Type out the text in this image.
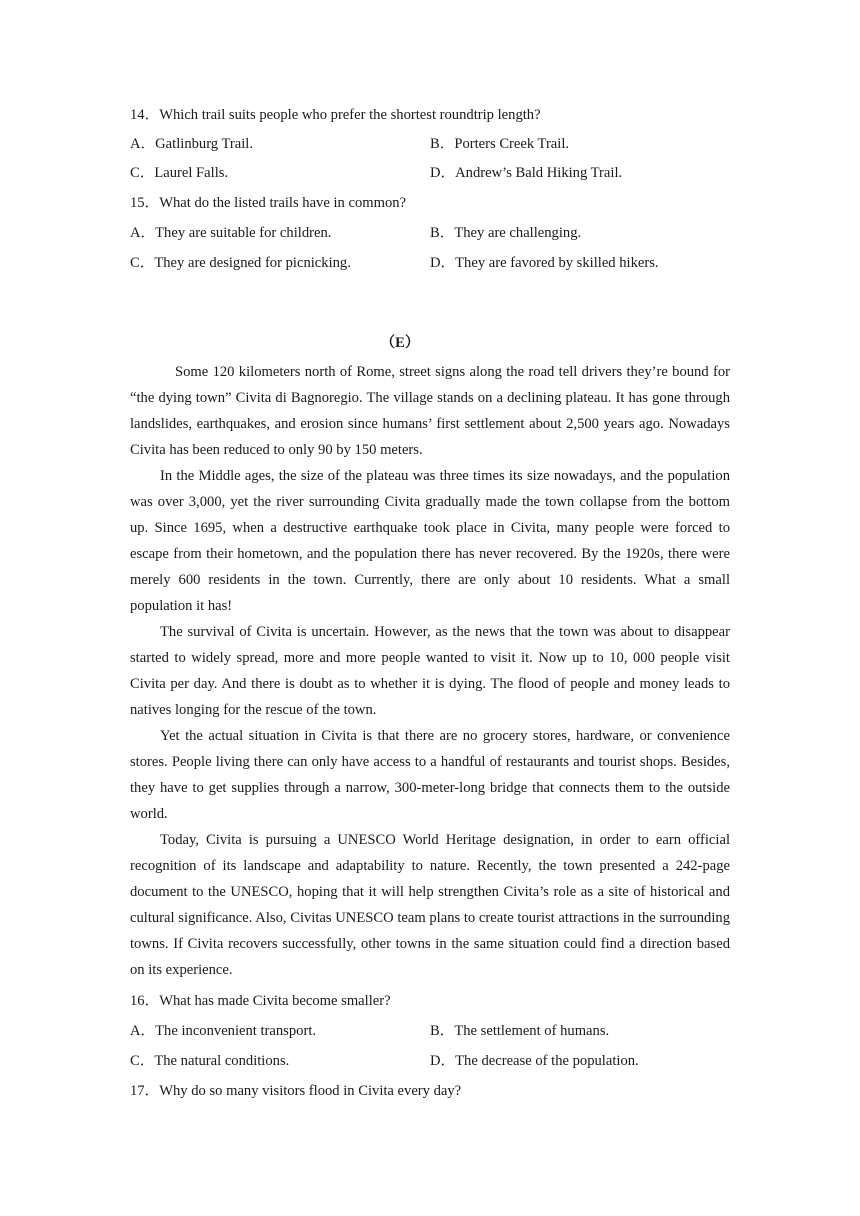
14．Which trail suits people who prefer the shortest roundtrip length?
A．Gatlinburg Trail.	B．Porters Creek Trail.
C．Laurel Falls.	D．Andrew’s Bald Hiking Trail.
15．What do the listed trails have in common?
A．They are suitable for children.	B．They are challenging.
C．They are designed for picnicking.	D．They are favored by skilled hikers.
（E）

Some 120 kilometers north of Rome, street signs along the road tell drivers they’re bound for “the dying town” Civita di Bagnoregio. The village stands on a declining plateau. It has gone through landslides, earthquakes, and erosion since humans’ first settlement about 2,500 years ago. Nowadays Civita has been reduced to only 90 by 150 meters.

In the Middle ages, the size of the plateau was three times its size nowadays, and the population was over 3,000, yet the river surrounding Civita gradually made the town collapse from the bottom up. Since 1695, when a destructive earthquake took place in Civita, many people were forced to escape from their hometown, and the population there has never recovered. By the 1920s, there were merely 600 residents in the town. Currently, there are only about 10 residents. What a small population it has!

The survival of Civita is uncertain. However, as the news that the town was about to disappear started to widely spread, more and more people wanted to visit it. Now up to 10, 000 people visit Civita per day. And there is doubt as to whether it is dying. The flood of people and money leads to natives longing for the rescue of the town.

Yet the actual situation in Civita is that there are no grocery stores, hardware, or convenience stores. People living there can only have access to a handful of restaurants and tourist shops. Besides, they have to get supplies through a narrow, 300-meter-long bridge that connects them to the outside world.

Today, Civita is pursuing a UNESCO World Heritage designation, in order to earn official recognition of its landscape and adaptability to nature. Recently, the town presented a 242-page document to the UNESCO, hoping that it will help strengthen Civita’s role as a site of historical and cultural significance. Also, Civitas UNESCO team plans to create tourist attractions in the surrounding towns. If Civita recovers successfully, other towns in the same situation could find a direction based on its experience.

16．What has made Civita become smaller?
A．The inconvenient transport.	B．The settlement of humans.
C．The natural conditions.	D．The decrease of the population.
17．Why do so many visitors flood in Civita every day?
